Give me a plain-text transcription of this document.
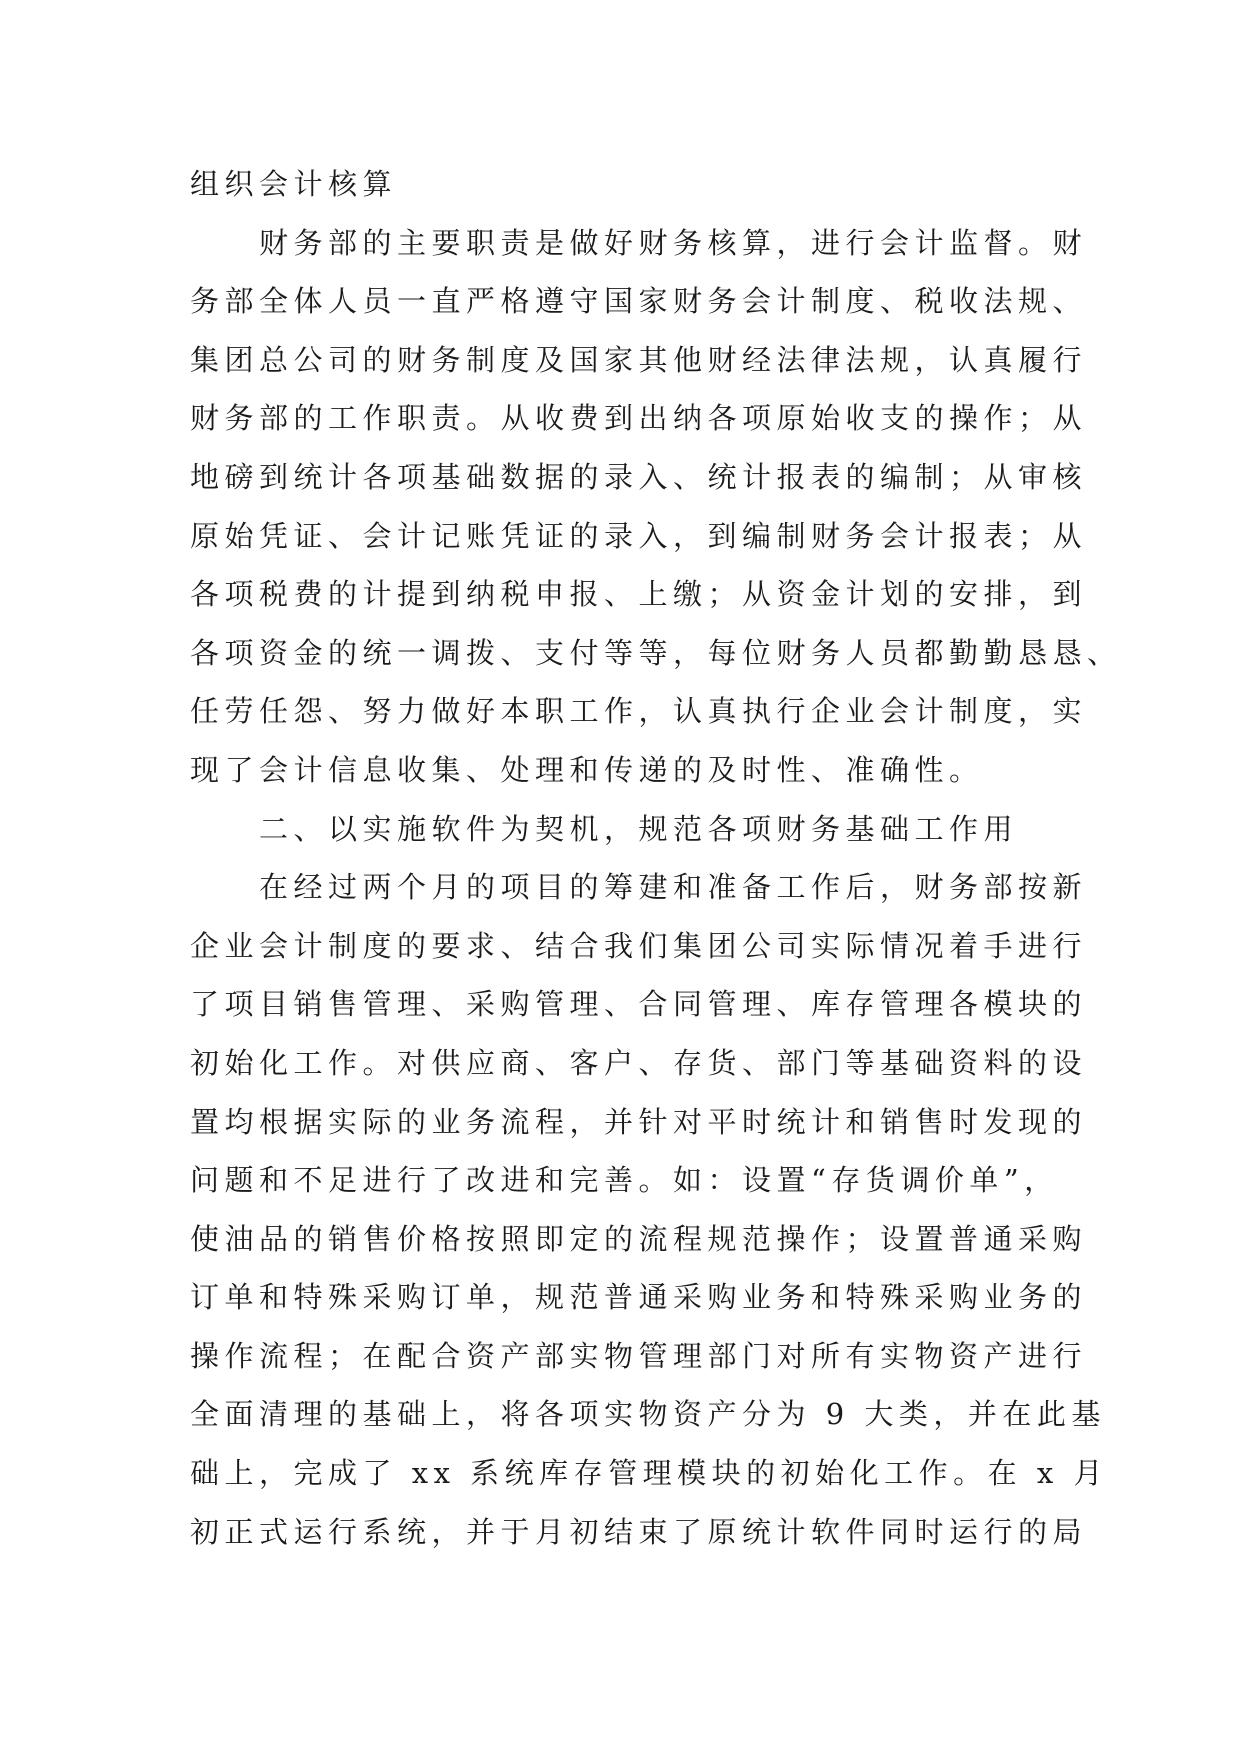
组织会计核算
　　财务部的主要职责是做好财务核算，进行会计监督。财
务部全体人员一直严格遵守国家财务会计制度、税收法规、
集团总公司的财务制度及国家其他财经法律法规，认真履行
财务部的工作职责。从收费到出纳各项原始收支的操作；从
地磅到统计各项基础数据的录入、统计报表的编制；从审核
原始凭证、会计记账凭证的录入，到编制财务会计报表；从
各项税费的计提到纳税申报、上缴；从资金计划的安排，到
各项资金的统一调拨、支付等等，每位财务人员都勤勤恳恳、
任劳任怨、努力做好本职工作，认真执行企业会计制度，实
现了会计信息收集、处理和传递的及时性、准确性。
　　二、以实施软件为契机，规范各项财务基础工作用
　　在经过两个月的项目的筹建和准备工作后，财务部按新
企业会计制度的要求、结合我们集团公司实际情况着手进行
了项目销售管理、采购管理、合同管理、库存管理各模块的
初始化工作。对供应商、客户、存货、部门等基础资料的设
置均根据实际的业务流程，并针对平时统计和销售时发现的
问题和不足进行了改进和完善。如：设置“存货调价单”，
使油品的销售价格按照即定的流程规范操作；设置普通采购
订单和特殊采购订单，规范普通采购业务和特殊采购业务的
操作流程；在配合资产部实物管理部门对所有实物资产进行
全面清理的基础上，将各项实物资产分为 9 大类，并在此基
础上，完成了 xx 系统库存管理模块的初始化工作。在 x 月
初正式运行系统，并于月初结束了原统计软件同时运行的局
